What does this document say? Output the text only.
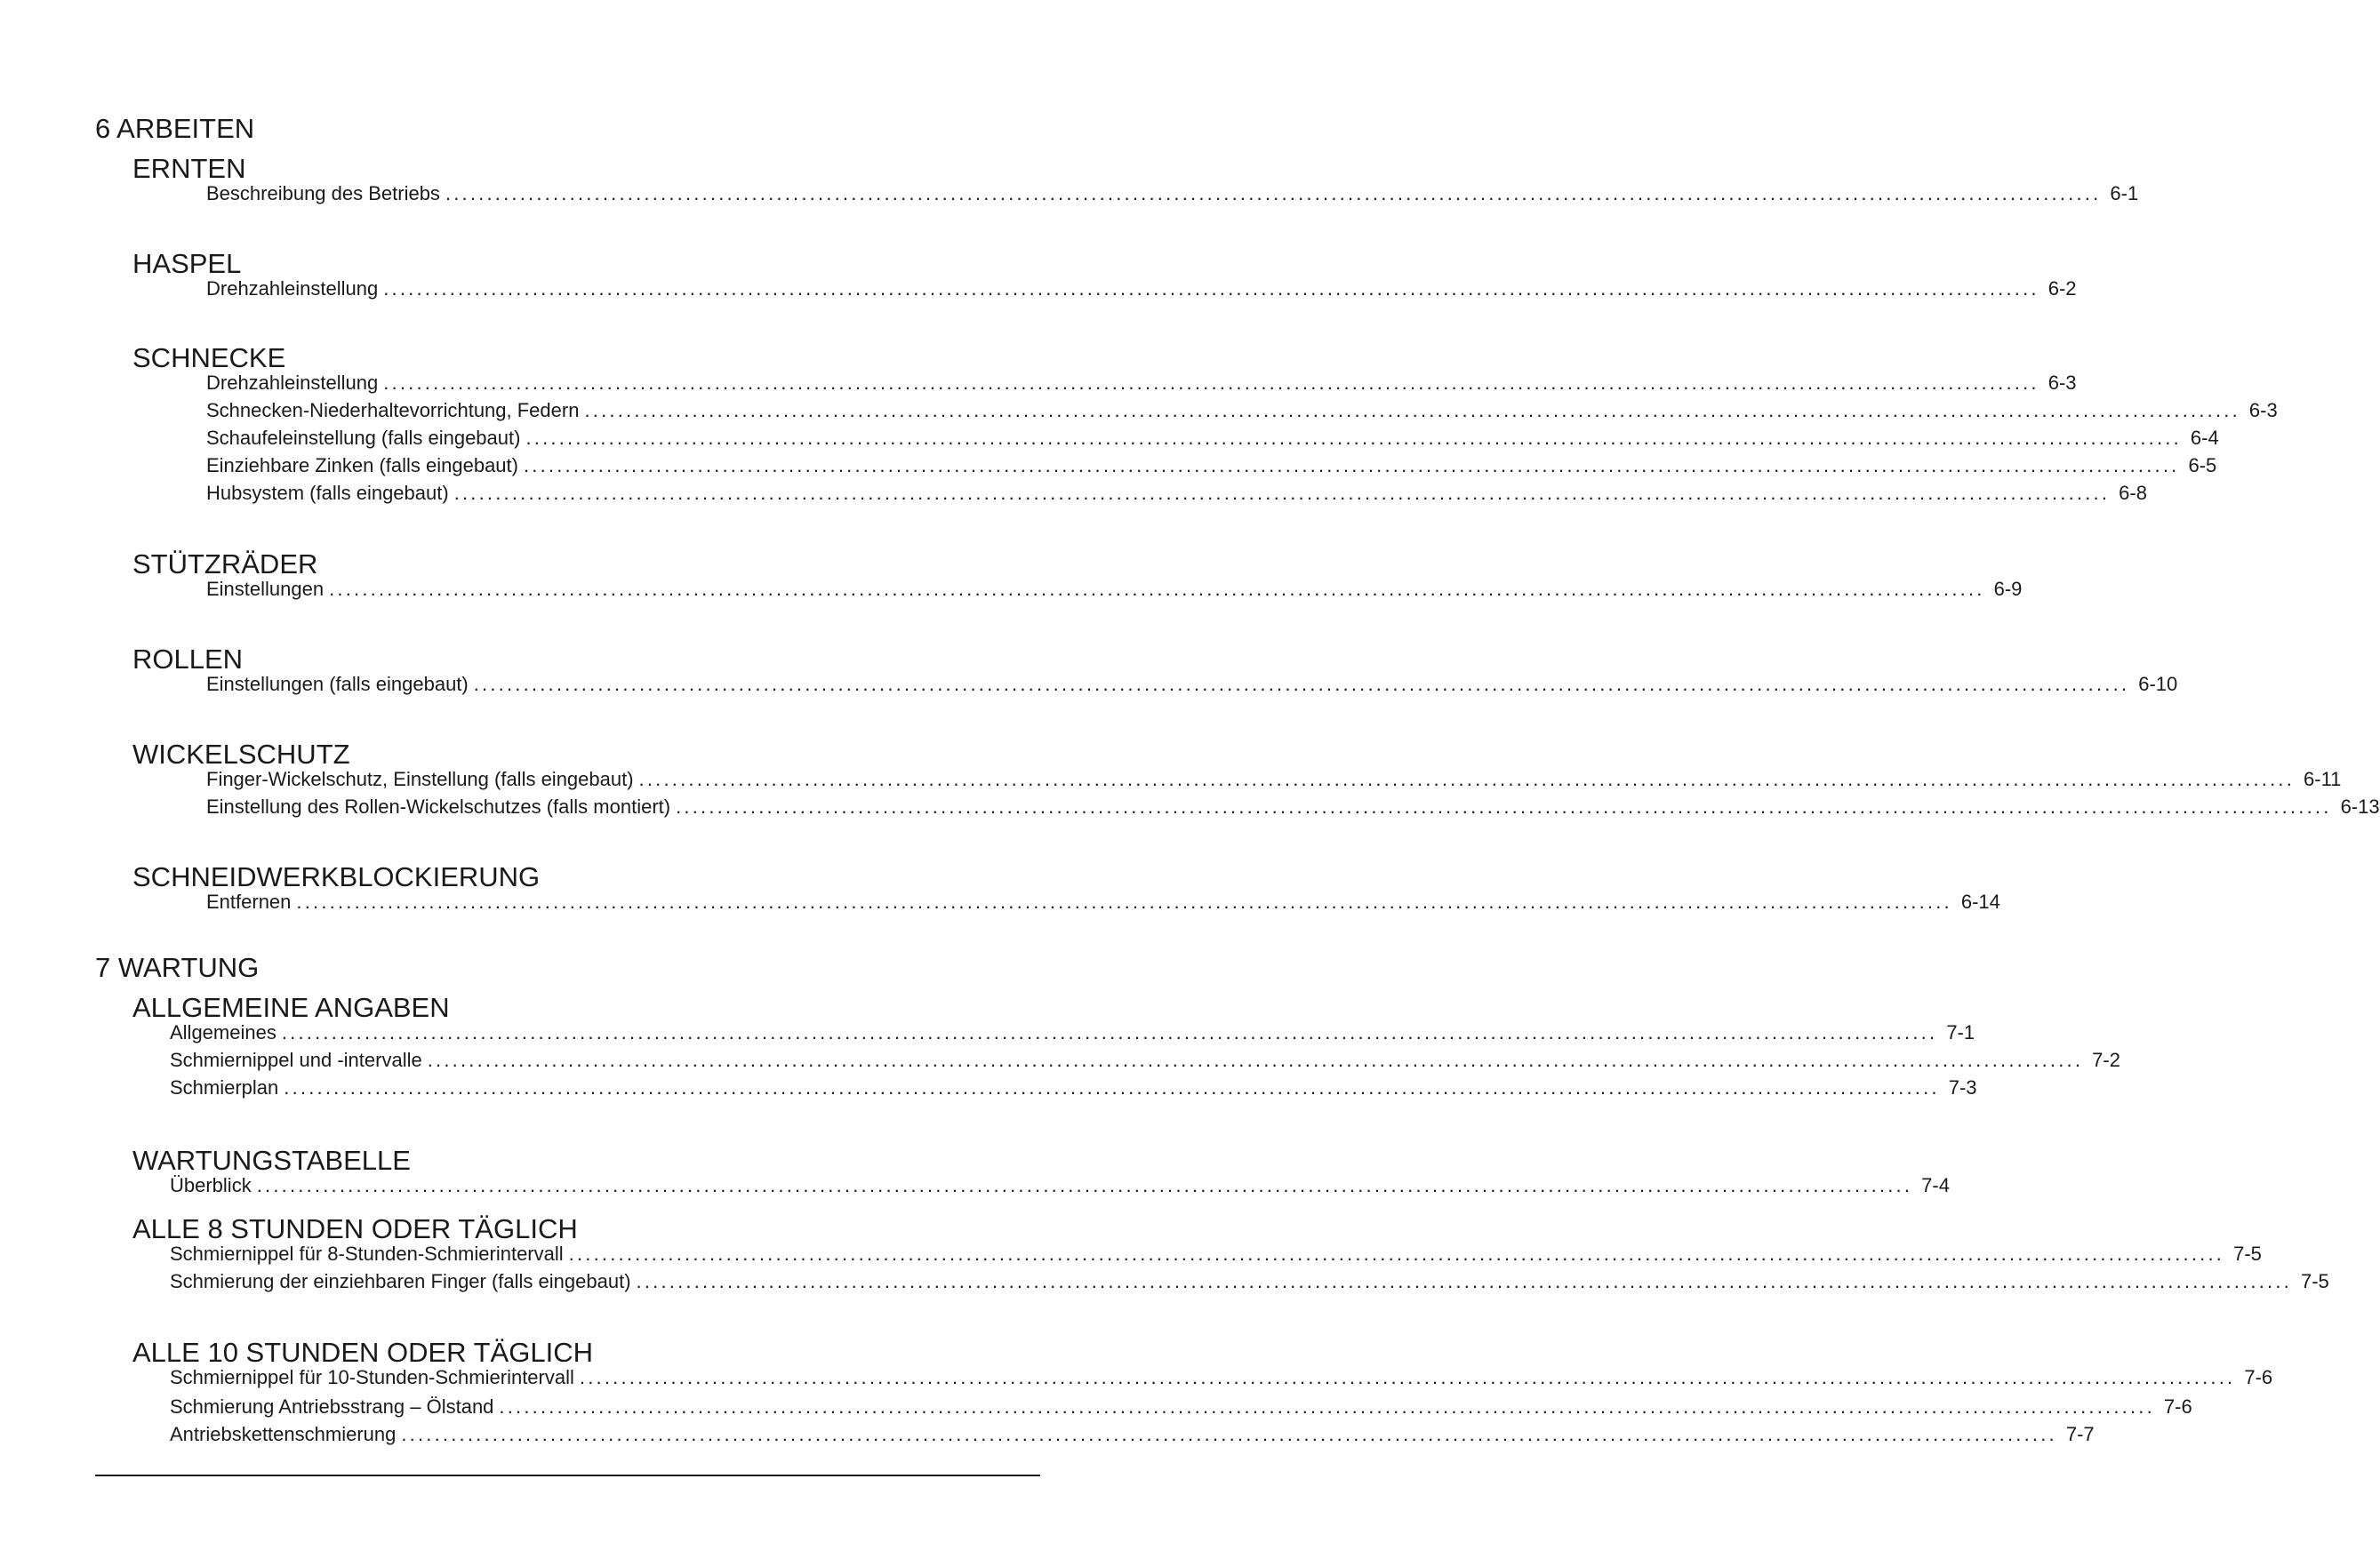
6 ARBEITEN
ERNTEN
Beschreibung des Betriebs ........................................................................................................................................................................................................ 6-1
HASPEL
Drehzahleinstellung ........................................................................................................................................................................................................ 6-2
SCHNECKE
Drehzahleinstellung ........................................................................................................................................................................................................ 6-3
Schnecken-Niederhaltevorrichtung, Federn ........................................................................................................................................................................................................ 6-3
Schaufeleinstellung (falls eingebaut) ........................................................................................................................................................................................................ 6-4
Einziehbare Zinken (falls eingebaut) ........................................................................................................................................................................................................ 6-5
Hubsystem (falls eingebaut) ........................................................................................................................................................................................................ 6-8
STÜTZRÄDER
Einstellungen ........................................................................................................................................................................................................ 6-9
ROLLEN
Einstellungen (falls eingebaut) ........................................................................................................................................................................................................ 6-10
WICKELSCHUTZ
Finger-Wickelschutz, Einstellung (falls eingebaut) ........................................................................................................................................................................................................ 6-11
Einstellung des Rollen-Wickelschutzes (falls montiert) ........................................................................................................................................................................................................ 6-13
SCHNEIDWERKBLOCKIERUNG
Entfernen ........................................................................................................................................................................................................ 6-14
7 WARTUNG
ALLGEMEINE ANGABEN
Allgemeines ........................................................................................................................................................................................................ 7-1
Schmiernippel und -intervalle ........................................................................................................................................................................................................ 7-2
Schmierplan ........................................................................................................................................................................................................ 7-3
WARTUNGSTABELLE
Überblick ........................................................................................................................................................................................................ 7-4
ALLE 8 STUNDEN ODER TÄGLICH
Schmiernippel für 8-Stunden-Schmierintervall ........................................................................................................................................................................................................ 7-5
Schmierung der einziehbaren Finger (falls eingebaut) ........................................................................................................................................................................................................ 7-5
ALLE 10 STUNDEN ODER TÄGLICH
Schmiernippel für 10-Stunden-Schmierintervall ........................................................................................................................................................................................................ 7-6
Schmierung Antriebsstrang – Ölstand ........................................................................................................................................................................................................ 7-6
Antriebskettenschmierung ........................................................................................................................................................................................................ 7-7
